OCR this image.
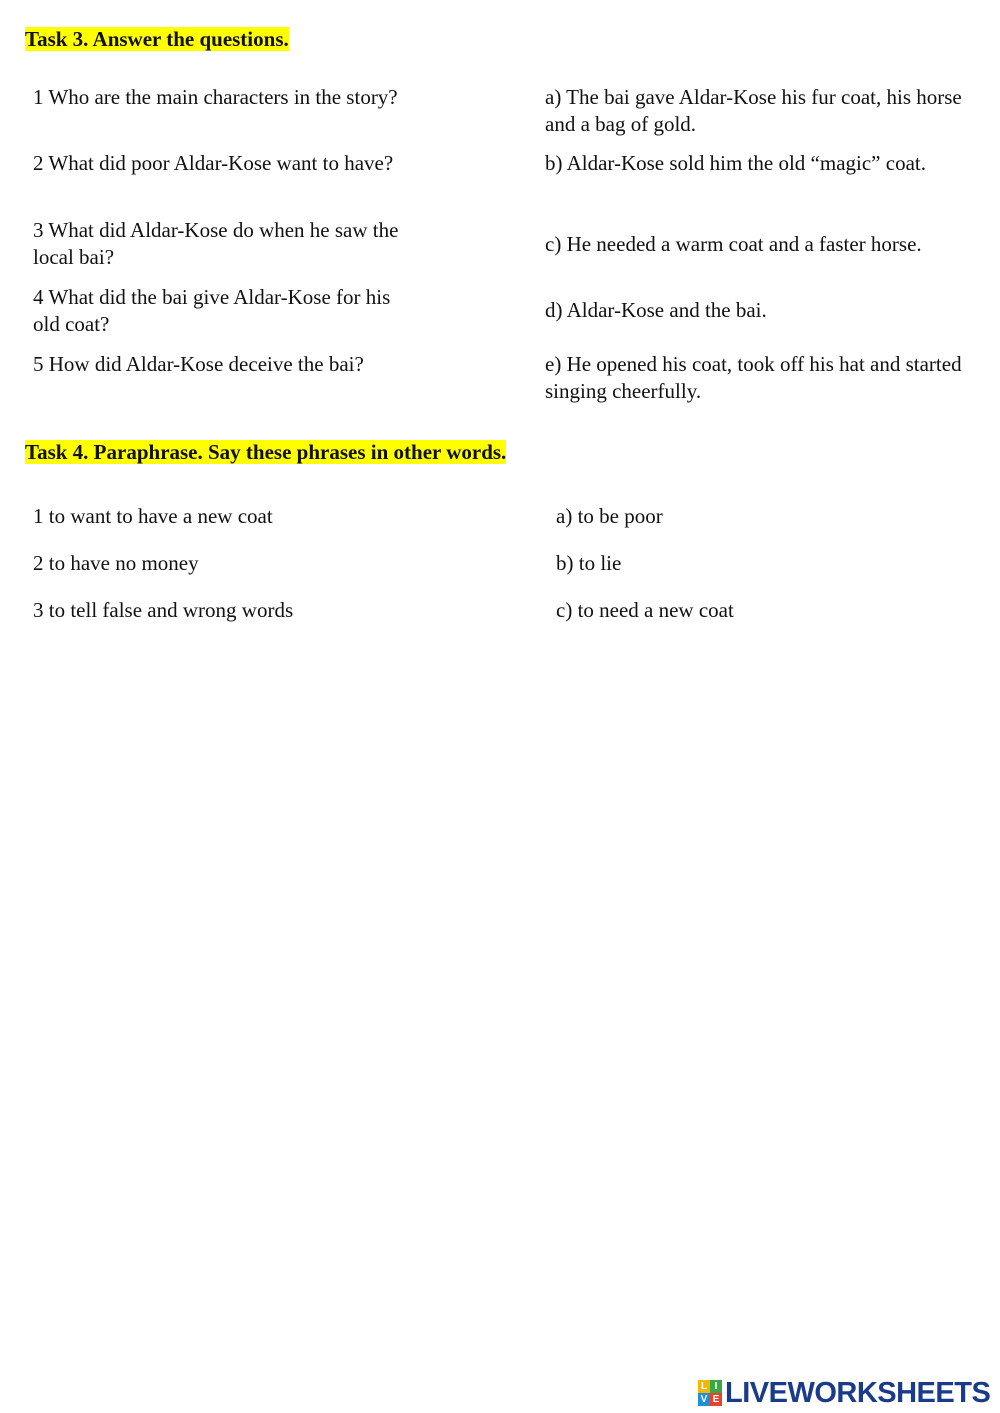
Task 3. Answer the questions.

1 Who are the main characters in the story?

2 What did poor Aldar-Kose want to have?

3 What did Aldar-Kose do when he saw the local bai?

4 What did the bai give Aldar-Kose for his old coat?

5 How did Aldar-Kose deceive the bai?

a) The bai gave Aldar-Kose his fur coat, his horse and a bag of gold.

b) Aldar-Kose sold him the old “magic” coat.

c) He needed a warm coat and a faster horse.

d) Aldar-Kose and the bai.

e) He opened his coat, took off his hat and started singing cheerfully.

Task 4. Paraphrase. Say these phrases in other words.

1 to want to have a new coat

2 to have no money

3 to tell false and wrong words

a) to be poor

b) to lie

c) to need a new coat

L I
V E LIVEWORKSHEETS
